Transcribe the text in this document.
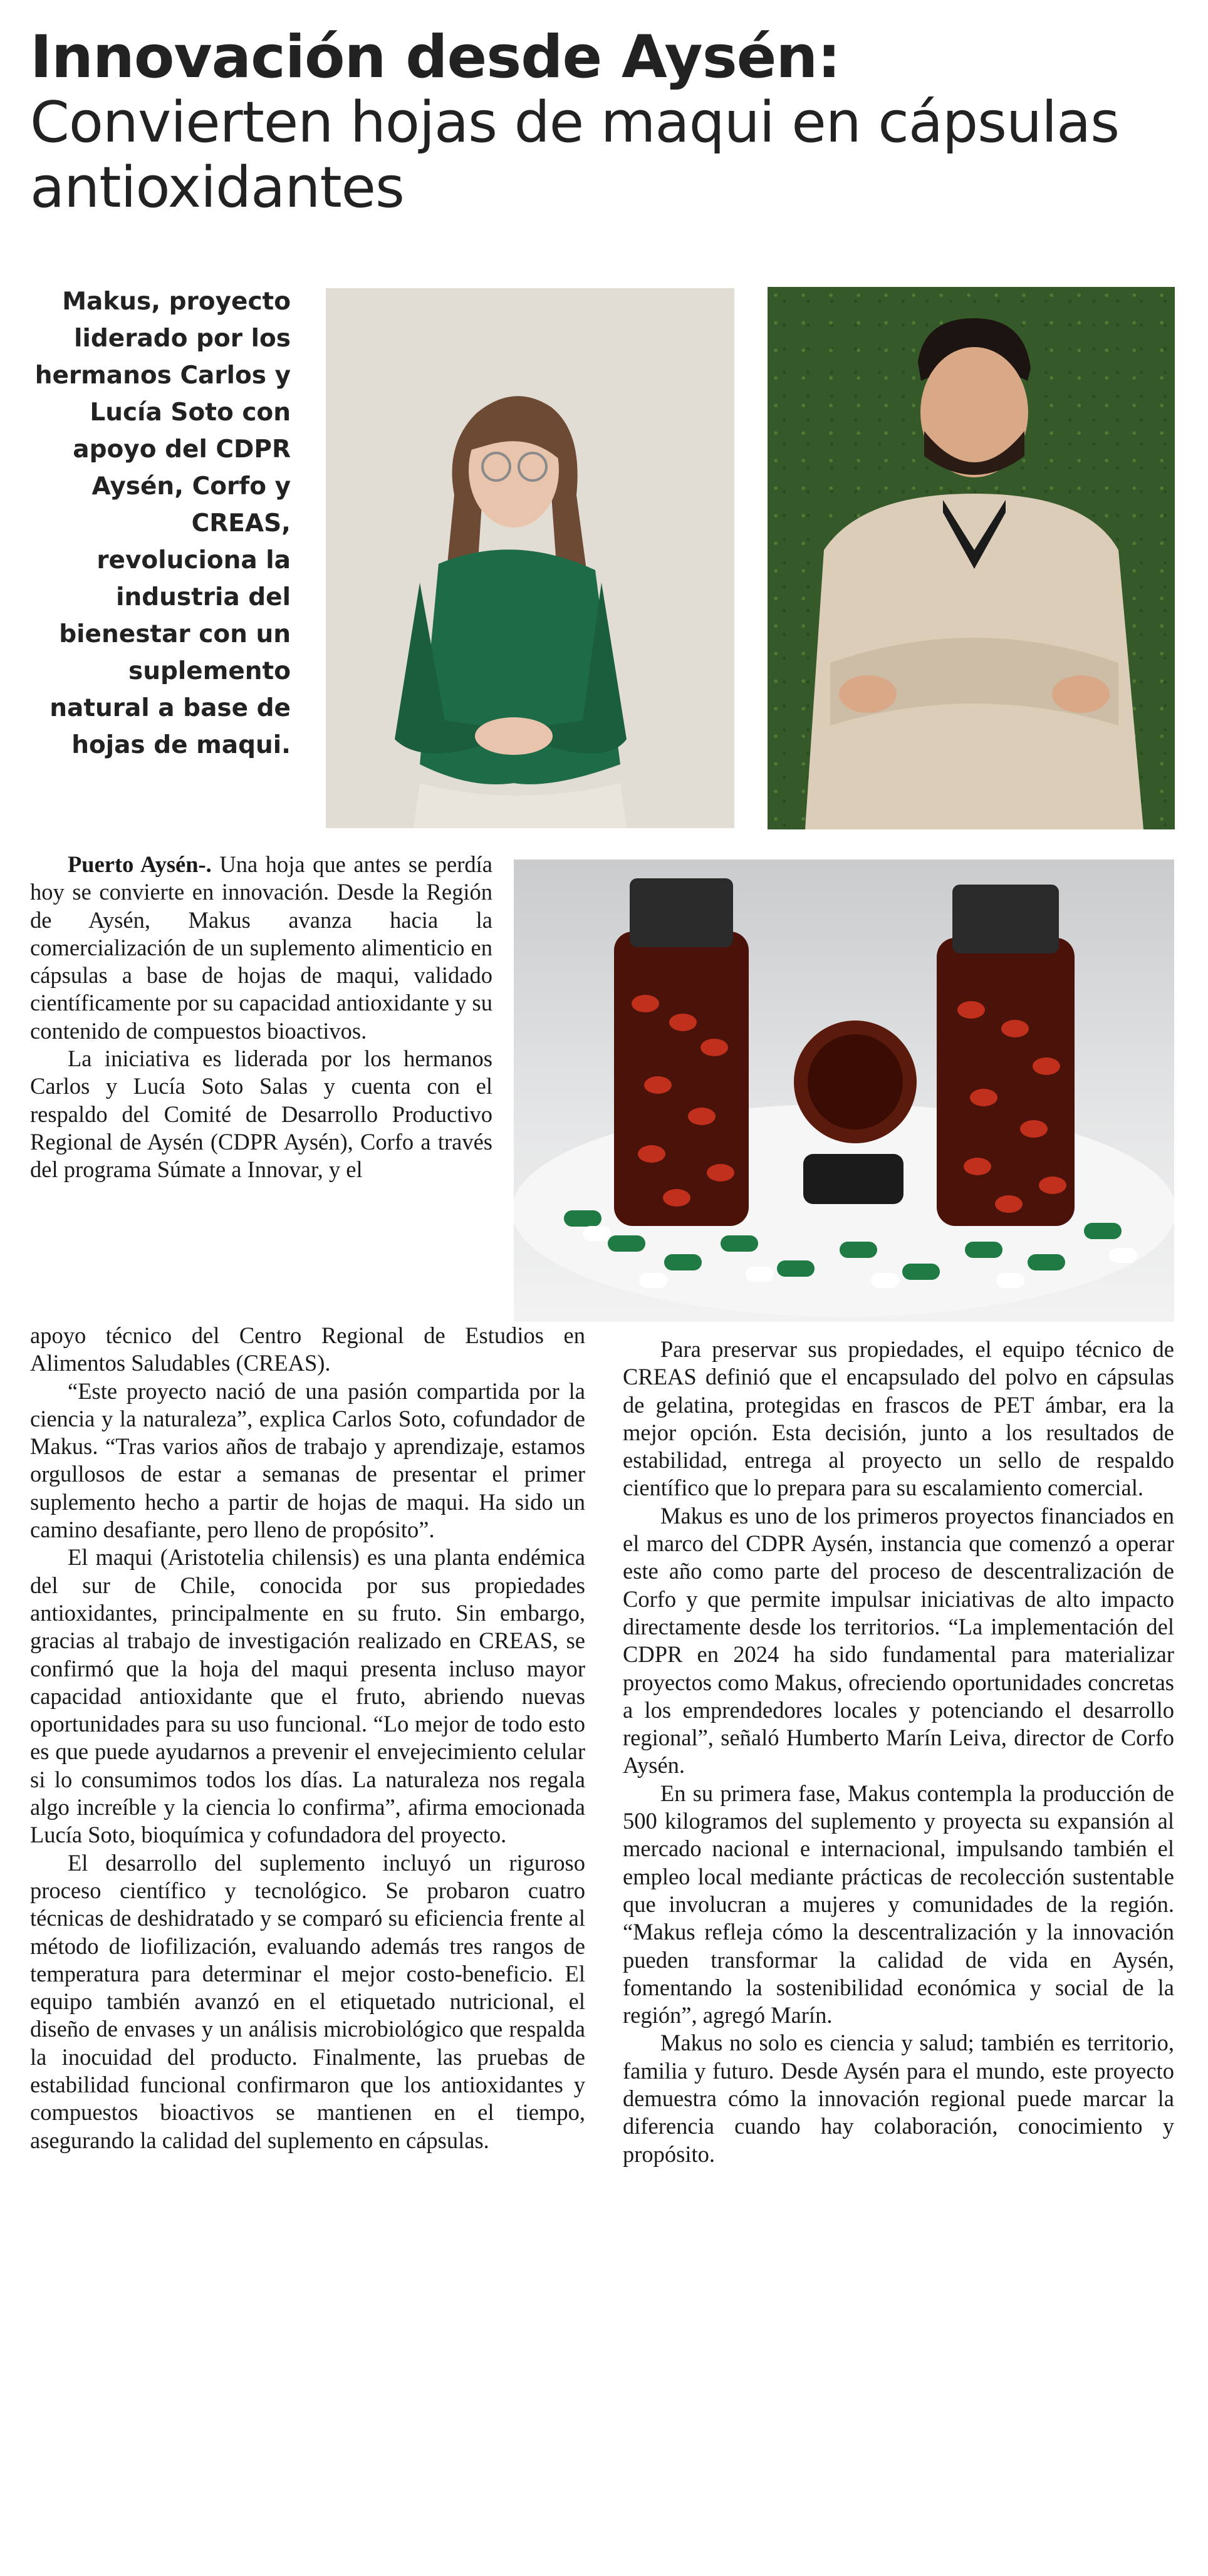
Innovación desde Aysén:
Convierten hojas de maqui en cápsulas
antioxidantes
Makus, proyecto liderado por los hermanos Carlos y Lucía Soto con apoyo del CDPR Aysén, Corfo y CREAS, revoluciona la industria del bienestar con un suplemento natural a base de hojas de maqui.

Puerto Aysén-. Una hoja que antes se perdía hoy se convierte en innovación. Desde la Región de Aysén, Makus avanza hacia la comercialización de un suplemento alimenticio en cápsulas a base de hojas de maqui, validado científicamente por su capacidad antioxidante y su contenido de compuestos bioactivos.

La iniciativa es liderada por los hermanos Carlos y Lucía Soto Salas y cuenta con el respaldo del Comité de Desarrollo Productivo Regional de Aysén (CDPR Aysén), Corfo a través del programa Súmate a Innovar, y el

apoyo técnico del Centro Regional de Estudios en Alimentos Saludables (CREAS).

“Este proyecto nació de una pasión compartida por la ciencia y la naturaleza”, explica Carlos Soto, cofundador de Makus. “Tras varios años de trabajo y aprendizaje, estamos orgullosos de estar a semanas de presentar el primer suplemento hecho a partir de hojas de maqui. Ha sido un camino desafiante, pero lleno de propósito”.

El maqui (Aristotelia chilensis) es una planta endémica del sur de Chile, conocida por sus propiedades antioxidantes, principalmente en su fruto. Sin embargo, gracias al trabajo de investigación realizado en CREAS, se confirmó que la hoja del maqui presenta incluso mayor capacidad antioxidante que el fruto, abriendo nuevas oportunidades para su uso funcional. “Lo mejor de todo esto es que puede ayudarnos a prevenir el envejecimiento celular si lo consumimos todos los días. La naturaleza nos regala algo increíble y la ciencia lo confirma”, afirma emocionada Lucía Soto, bioquímica y cofundadora del proyecto.

El desarrollo del suplemento incluyó un riguroso proceso científico y tecnológico. Se probaron cuatro técnicas de deshidratado y se comparó su eficiencia frente al método de liofilización, evaluando además tres rangos de temperatura para determinar el mejor costo-beneficio. El equipo también avanzó en el etiquetado nutricional, el diseño de envases y un análisis microbiológico que respalda la inocuidad del producto. Finalmente, las pruebas de estabilidad funcional confirmaron que los antioxidantes y compuestos bioactivos se mantienen en el tiempo, asegurando la calidad del suplemento en cápsulas.

Para preservar sus propiedades, el equipo técnico de CREAS definió que el encapsulado del polvo en cápsulas de gelatina, protegidas en frascos de PET ámbar, era la mejor opción. Esta decisión, junto a los resultados de estabilidad, entrega al proyecto un sello de respaldo científico que lo prepara para su escalamiento comercial.

Makus es uno de los primeros proyectos financiados en el marco del CDPR Aysén, instancia que comenzó a operar este año como parte del proceso de descentralización de Corfo y que permite impulsar iniciativas de alto impacto directamente desde los territorios. “La implementación del CDPR en 2024 ha sido fundamental para materializar proyectos como Makus, ofreciendo oportunidades concretas a los emprendedores locales y potenciando el desarrollo regional”, señaló Humberto Marín Leiva, director de Corfo Aysén.

En su primera fase, Makus contempla la producción de 500 kilogramos del suplemento y proyecta su expansión al mercado nacional e internacional, impulsando también el empleo local mediante prácticas de recolección sustentable que involucran a mujeres y comunidades de la región. “Makus refleja cómo la descentralización y la innovación pueden transformar la calidad de vida en Aysén, fomentando la sostenibilidad económica y social de la región”, agregó Marín.

Makus no solo es ciencia y salud; también es territorio, familia y futuro. Desde Aysén para el mundo, este proyecto demuestra cómo la innovación regional puede marcar la diferencia cuando hay colaboración, conocimiento y propósito.
